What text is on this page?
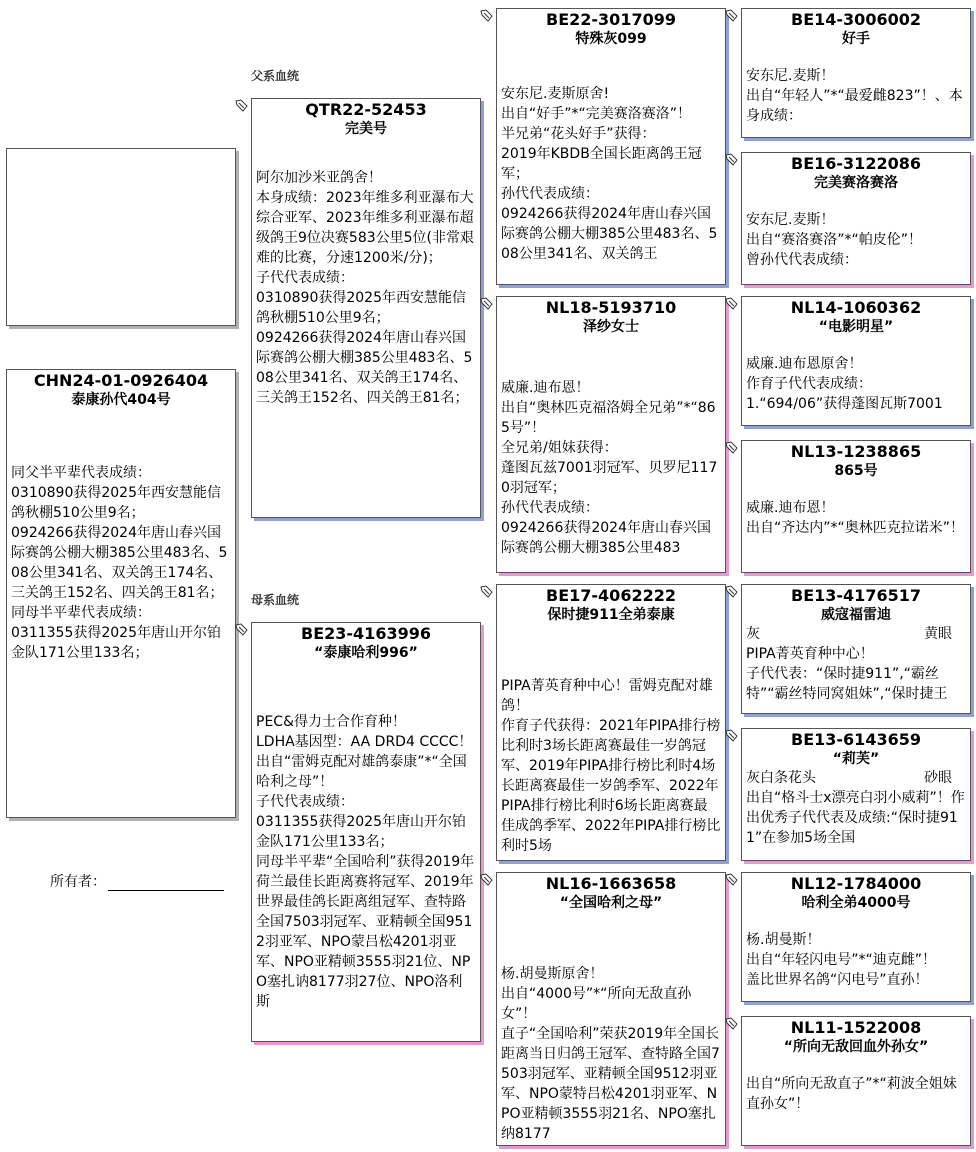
父系血统
母系血统
CHN24-01-0926404
泰康孙代404号
同父半平辈代表成绩：
0310890获得2025年西安慧能信鸽秋棚510公里9名；
0924266获得2024年唐山春兴国际赛鸽公棚大棚385公里483名、508公里341名、双关鸽王174名、三关鸽王152名、四关鸽王81名；
同母半平辈代表成绩：
0311355获得2025年唐山开尔铂金队171公里133名；
所有者：
QTR22-52453
完美号
阿尔加沙米亚鸽舍！
本身成绩：2023年维多利亚瀑布大综合亚军、2023年维多利亚瀑布超级鸽王9位决赛583公里5位(非常艰难的比赛，分速1200米/分)；
子代代表成绩：
0310890获得2025年西安慧能信鸽秋棚510公里9名；
0924266获得2024年唐山春兴国际赛鸽公棚大棚385公里483名、508公里341名、双关鸽王174名、三关鸽王152名、四关鸽王81名；
BE23-4163996
“泰康哈利996”
PEC&得力士合作育种！
LDHA基因型：AA DRD4 CCCC！
出自“雷姆克配对雄鸽泰康”*“全国哈利之母”！
子代代表成绩：
0311355获得2025年唐山开尔铂金队171公里133名；
同母半平辈“全国哈利”获得2019年荷兰最佳长距离赛将冠军、2019年世界最佳鸽长距离组冠军、查特路全国7503羽冠军、亚精顿全国9512羽亚军、NPO蒙吕松4201羽亚军、NPO亚精顿3555羽21位、NPO塞扎讷8177羽27位、NPO洛利斯
BE22-3017099
特殊灰099
安东尼.麦斯原舍!
出自“好手”*“完美赛洛赛洛”！
半兄弟“花头好手”获得：
2019年KBDB全国长距离鸽王冠军；
孙代代表成绩：
0924266获得2024年唐山春兴国际赛鸽公棚大棚385公里483名、508公里341名、双关鸽王
NL18-5193710
泽纱女士
威廉.迪布恩！
出自“奥林匹克福洛姆全兄弟”*“865号”！
全兄弟/姐妹获得：
蓬图瓦兹7001羽冠军、贝罗尼1170羽冠军；
孙代代表成绩：
0924266获得2024年唐山春兴国际赛鸽公棚大棚385公里483
BE17-4062222
保时捷911全弟泰康
PIPA菁英育种中心！雷姆克配对雄鸽！
作育子代获得：2021年PIPA排行榜比利时3场长距离赛最佳一岁鸽冠军、2019年PIPA排行榜比利时4场长距离赛最佳一岁鸽季军、2022年PIPA排行榜比利时6场长距离赛最佳成鸽季军、2022年PIPA排行榜比利时5场
NL16-1663658
“全国哈利之母”
杨.胡曼斯原舍！
出自“4000号”*“所向无敌直孙女”！
直子“全国哈利”荣获2019年全国长距离当日归鸽王冠军、查特路全国7503羽冠军、亚精顿全国9512羽亚军、NPO蒙特吕松4201羽亚军、NPO亚精顿3555羽21名、NPO塞扎纳8177
BE14-3006002
好手
安东尼.麦斯！
出自“年轻人”*“最爱雌823”！、本身成绩：
BE16-3122086
完美赛洛赛洛
安东尼.麦斯！
出自“赛洛赛洛”*“帕皮伦”！
曾孙代代表成绩：
NL14-1060362
“电影明星”
威廉.迪布恩原舍！
作育子代代表成绩：
1.“694/06”获得蓬图瓦斯7001
NL13-1238865
865号
威廉.迪布恩！
出自“齐达内”*“奥林匹克拉诺米”！
BE13-4176517
威寇福雷迪
灰	黄眼
PIPA菁英育种中心！
子代代表：“保时捷911”,“霸丝特”“霸丝特同窝姐妹”,“保时捷王
BE13-6143659
“莉芙”
灰白条花头	砂眼
出自“格斗士x漂亮白羽小威莉”！作出优秀子代代表及成绩:“保时捷911”在参加5场全国
NL12-1784000
哈利全弟4000号
杨.胡曼斯！
出自“年轻闪电号”*“迪克雌”！
盖比世界名鸽“闪电号”直孙！
NL11-1522008
“所向无敌回血外孙女”
出自“所向无敌直子”*“莉波全姐妹直孙女”！
